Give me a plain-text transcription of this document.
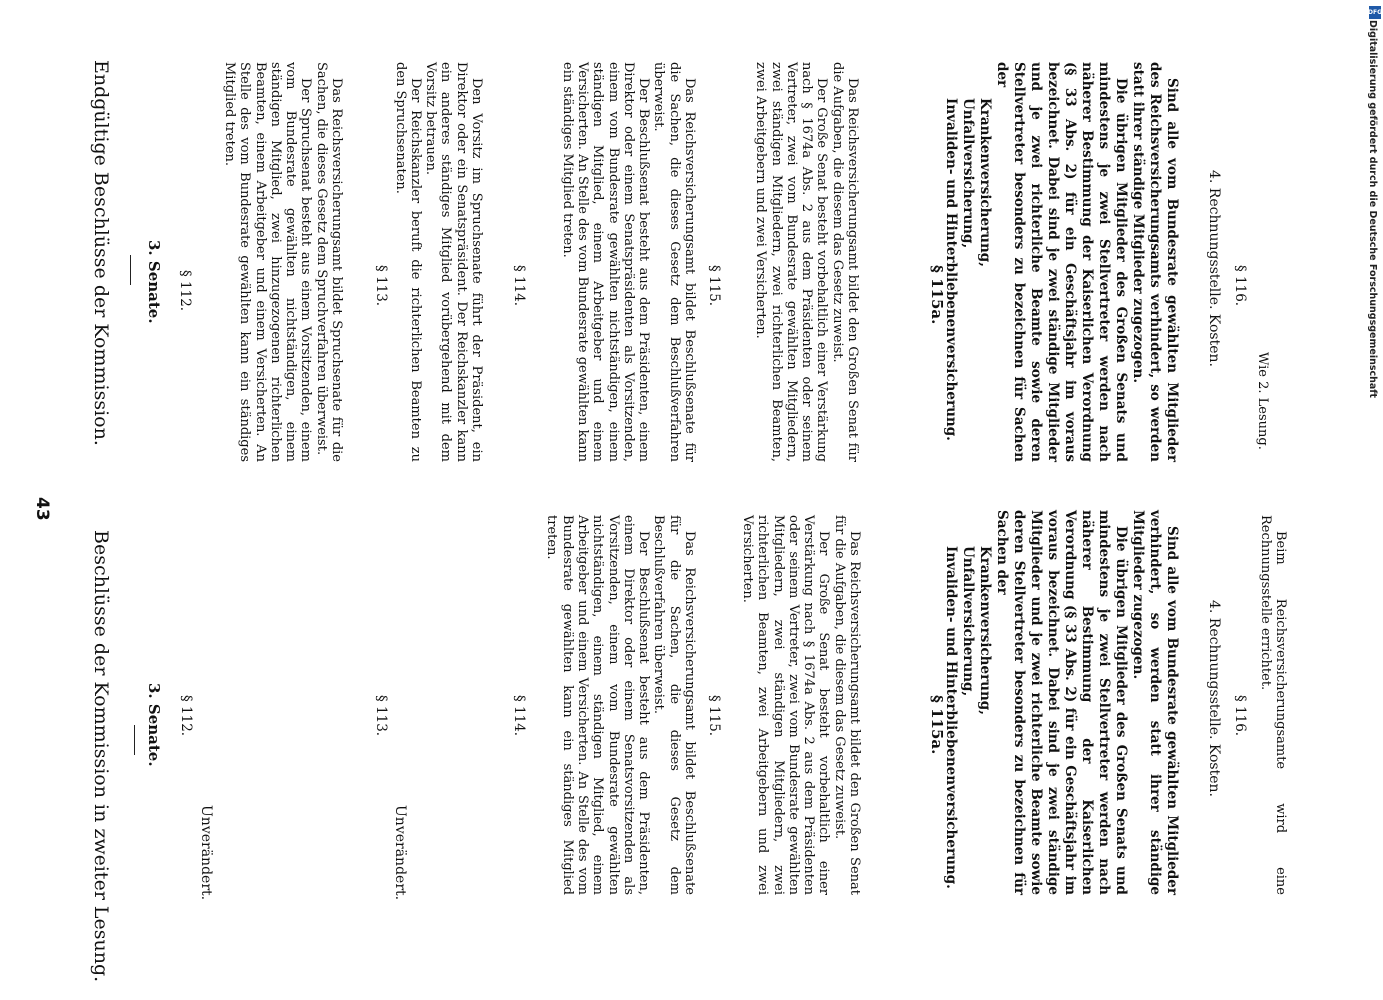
43
Beschlüsse der Kommission in zweiter Lesung. 3. Senate. § 112.
Unverändert.
§ 113.
Unverändert.
§ 114.	Das Reichsversicherungsamt bildet Beschlußsenate für die Sachen, die dieses Gesetz dem Beschlußverfahren überweist.

Der Beschlußsenat besteht aus dem Präsidenten, einem Direktor oder einem Senatsvorsitzenden als Vorsitzenden, einem vom Bundesrate gewählten nichtständigen, einem ständigen Mitglied, einem Arbeitgeber und einem Versicherten. An Stelle des vom Bundesrate gewählten kann ein ständiges Mitglied treten.

§ 115.	Das Reichsversicherungsamt bildet den Großen Senat für die Aufgaben, die diesem das Gesetz zuweist.

Der Große Senat besteht vorbehaltlich einer Verstärkung nach § 1674a Abs. 2 aus dem Präsidenten oder seinem Vertreter, zwei vom Bundesrate gewählten Mitgliedern, zwei ständigen Mitgliedern, zwei richterlichen Beamten, zwei Arbeitgebern und zwei Versicherten.

§ 115a.	Sind alle vom Bundesrate gewählten Mitglieder verhindert, so werden statt ihrer ständige Mitglieder zugezogen.

Die übrigen Mitglieder des Großen Senats und mindestens je zwei Stellvertreter werden nach näherer Bestimmung der Kaiserlichen Verordnung (§ 33 Abs. 2) für ein Geschäftsjahr im voraus bezeichnet. Dabei sind je zwei ständige Mitglieder und je zwei richterliche Beamte sowie deren Stellvertreter besonders zu bezeichnen für Sachen der

Krankenversicherung,

Unfallversicherung,

Invaliden- und Hinterbliebenenversicherung.	4. Rechnungsstelle. Kosten. § 116.	Beim Reichsversicherungsamte wird eine Rechnungsstelle errichtet.

Endgültige Beschlüsse der Kommission. 3. Senate. § 112.	Das Reichsversicherungsamt bildet Spruchsenate für die Sachen, die dieses Gesetz dem Spruchverfahren überweist.

Der Spruchsenat besteht aus einem Vorsitzenden, einem vom Bundesrate gewählten nichtständigen, einem ständigen Mitglied, zwei hinzugezogenen richterlichen Beamten, einem Arbeitgeber und einem Versicherten. An Stelle des vom Bundesrate gewählten kann ein ständiges Mitglied treten.

§ 113.	Den Vorsitz im Spruchsenate führt der Präsident, ein Direktor oder ein Senatspräsident. Der Reichskanzler kann ein anderes ständiges Mitglied vorübergehend mit dem Vorsitz betrauen.

Der Reichskanzler beruft die richterlichen Beamten zu den Spruchsenaten.

§ 114.	Das Reichsversicherungsamt bildet Beschlußsenate für die Sachen, die dieses Gesetz dem Beschlußverfahren überweist.

Der Beschlußsenat besteht aus dem Präsidenten, einem Direktor oder einem Senatspräsidenten als Vorsitzenden, einem vom Bundesrate gewählten nichtständigen, einem ständigen Mitglied, einem Arbeitgeber und einem Versicherten. An Stelle des vom Bundesrate gewählten kann ein ständiges Mitglied treten.

§ 115.	Das Reichsversicherungsamt bildet den Großen Senat für die Aufgaben, die diesem das Gesetz zuweist.

Der Große Senat besteht vorbehaltlich einer Verstärkung nach § 1674a Abs. 2 aus dem Präsidenten oder seinem Vertreter, zwei vom Bundesrate gewählten Mitgliedern, zwei ständigen Mitgliedern, zwei richterlichen Beamten, zwei Arbeitgebern und zwei Versicherten.	§ 115a.	Sind alle vom Bundesrate gewählten Mitglieder des Reichsversicherungsamts verhindert, so werden statt ihrer ständige Mitglieder zugezogen.

Die übrigen Mitglieder des Großen Senats und mindestens je zwei Stellvertreter werden nach näherer Bestimmung der Kaiserlichen Verordnung (§ 33 Abs. 2) für ein Geschäftsjahr im voraus bezeichnet. Dabei sind je zwei ständige Mitglieder und je zwei richterliche Beamte sowie deren Stellvertreter besonders zu bezeichnen für Sachen der

Krankenversicherung,

Unfallversicherung,

Invaliden- und Hinterbliebenenversicherung.	4. Rechnungsstelle. Kosten. § 116.
Wie 2. Lesung.
DFG
Digitalisierung gefördert durch die Deutsche Forschungsgemeinschaft
